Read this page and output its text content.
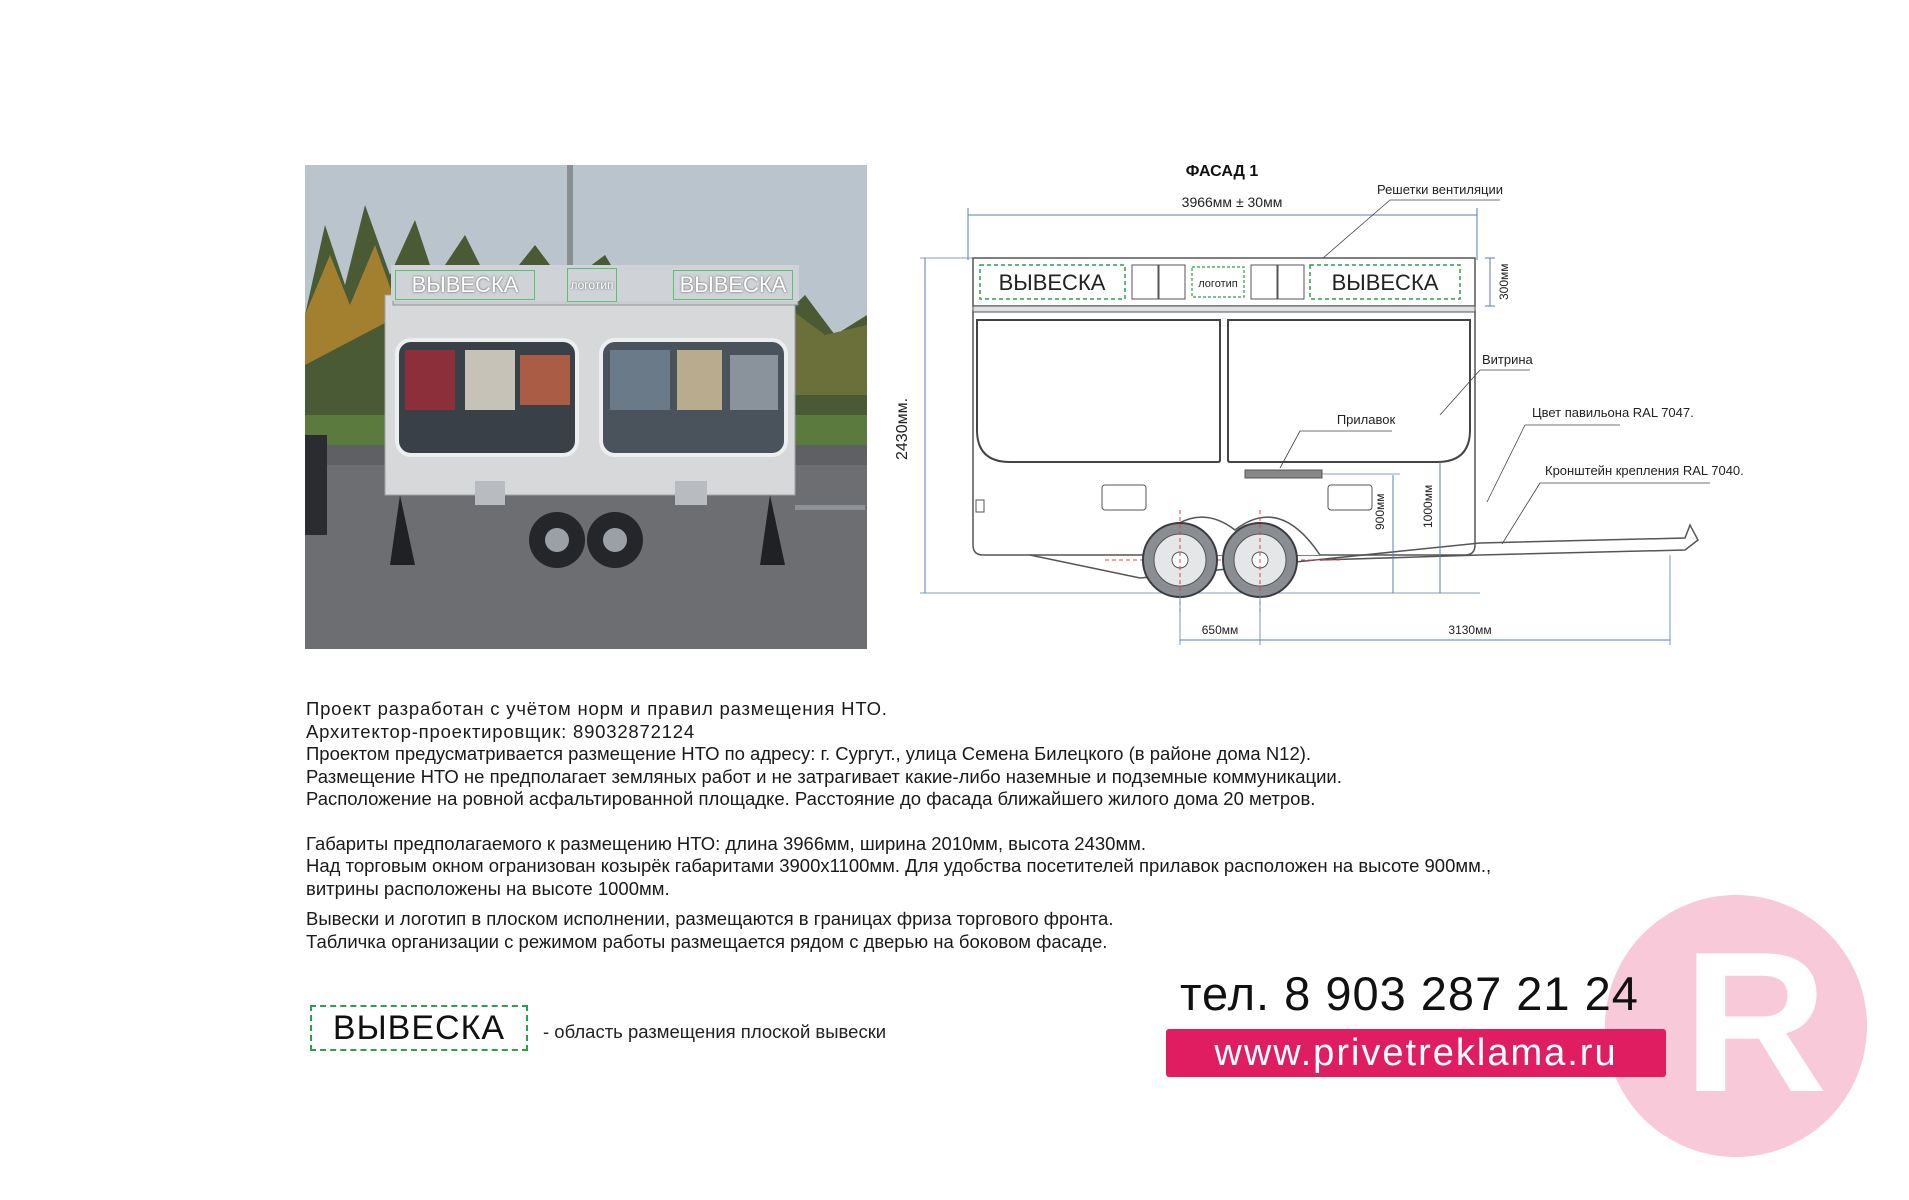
ВЫВЕСКА	логотип	ВЫВЕСКА
ФАСАД 1
3966мм ± 30мм
Решетки вентиляции
2430мм.
ВЫВЕСКА	логотип	ВЫВЕСКА	300мм
Прилавок
Витрина
Цвет павильона RAL 7047.
Кронштейн крепления RAL 7040.
900мм	1000мм
650мм	3130мм

Проект разработан с учётом норм и правил размещения НТО.

Архитектор-проектировщик: 89032872124

Проектом предусматривается размещение НТО по адресу: г. Сургут., улица Семена Билецкого (в районе дома N12).

Размещение НТО не предполагает земляных работ и не затрагивает какие-либо наземные и подземные коммуникации.

Расположение на ровной асфальтированной площадке. Расстояние до фасада ближайшего жилого дома 20 метров.

Габариты предполагаемого к размещению НТО: длина 3966мм, ширина 2010мм, высота 2430мм.

Над торговым окном огранизован козырёк габаритами 3900х1100мм. Для удобства посетителей прилавок расположен на высоте 900мм.,

витрины расположены на высоте 1000мм.

Вывески и логотип в плоском исполнении, размещаются в границах фриза торгового фронта.

Табличка организации с режимом работы размещается рядом с дверью на боковом фасаде.

ВЫВЕСКА	- область размещения плоской вывески	R
тел. 8 903 287 21 24
www.privetreklama.ru
